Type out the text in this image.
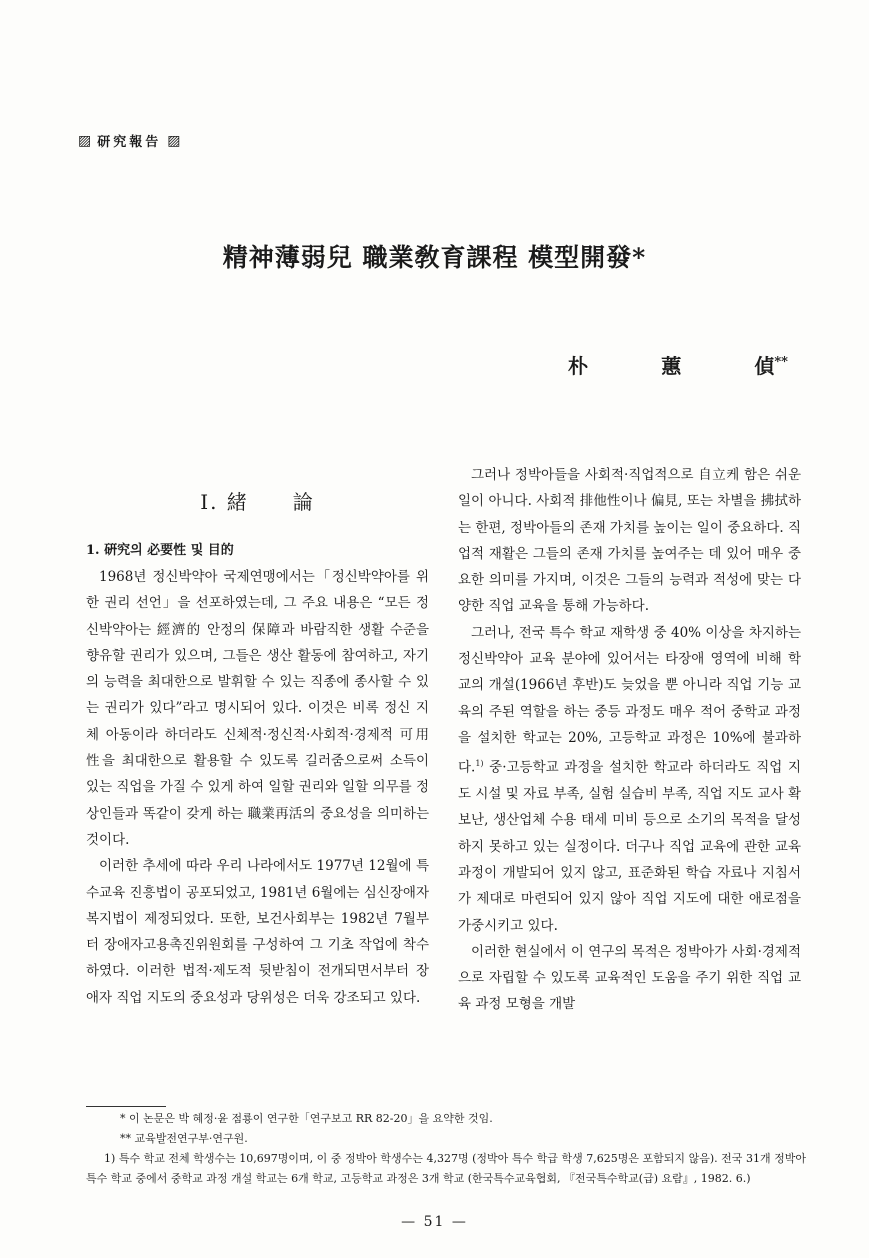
▨ 研究報告 ▨
精神薄弱兒 職業敎育課程 模型開發*
朴	蕙	偵**
I. 緒　　論
1. 硏究의 必要性 및 目的

1968년 정신박약아 국제연맹에서는「정신박약아를 위한 권리 선언」을 선포하였는데, 그 주요 내용은 “모든 정신박약아는 經濟的 안정의 保障과 바람직한 생활 수준을 향유할 권리가 있으며, 그들은 생산 활동에 참여하고, 자기의 능력을 최대한으로 발휘할 수 있는 직종에 종사할 수 있는 권리가 있다”라고 명시되어 있다. 이것은 비록 정신 지체 아동이라 하더라도 신체적·정신적·사회적·경제적 可用性을 최대한으로 활용할 수 있도록 길러줌으로써 소득이 있는 직업을 가질 수 있게 하여 일할 권리와 일할 의무를 정상인들과 똑같이 갖게 하는 職業再活의 중요성을 의미하는 것이다.

이러한 추세에 따라 우리 나라에서도 1977년 12월에 특수교육 진흥법이 공포되었고, 1981년 6월에는 심신장애자 복지법이 제정되었다. 또한, 보건사회부는 1982년 7월부터 장애자고용촉진위원회를 구성하여 그 기초 작업에 착수하였다. 이러한 법적·제도적 뒷받침이 전개되면서부터 장애자 직업 지도의 중요성과 당위성은 더욱 강조되고 있다.

그러나 정박아들을 사회적·직업적으로 自立케 함은 쉬운 일이 아니다. 사회적 排他性이나 偏見, 또는 차별을 拂拭하는 한편, 정박아들의 존재 가치를 높이는 일이 중요하다. 직업적 재활은 그들의 존재 가치를 높여주는 데 있어 매우 중요한 의미를 가지며, 이것은 그들의 능력과 적성에 맞는 다양한 직업 교육을 통해 가능하다.

그러나, 전국 특수 학교 재학생 중 40% 이상을 차지하는 정신박약아 교육 분야에 있어서는 타장애 영역에 비해 학교의 개설(1966년 후반)도 늦었을 뿐 아니라 직업 기능 교육의 주된 역할을 하는 중등 과정도 매우 적어 중학교 과정을 설치한 학교는 20%, 고등학교 과정은 10%에 불과하다.$^{1)}$ 중·고등학교 과정을 설치한 학교라 하더라도 직업 지도 시설 및 자료 부족, 실험 실습비 부족, 직업 지도 교사 확보난, 생산업체 수용 태세 미비 등으로 소기의 목적을 달성하지 못하고 있는 실정이다. 더구나 직업 교육에 관한 교육 과정이 개발되어 있지 않고, 표준화된 학습 자료나 지침서가 제대로 마련되어 있지 않아 직업 지도에 대한 애로점을 가중시키고 있다.

이러한 현실에서 이 연구의 목적은 정박아가 사회·경제적으로 자립할 수 있도록 교육적인 도움을 주기 위한 직업 교육 과정 모형을 개발

* 이 논문은 박 혜정·윤 점룡이 연구한「연구보고 RR 82-20」을 요약한 것임.

** 교육발전연구부·연구원.

1) 특수 학교 전체 학생수는 10,697명이며, 이 중 정박아 학생수는 4,327명 (정박아 특수 학급 학생 7,625명은 포함되지 않음). 전국 31개 정박아 특수 학교 중에서 중학교 과정 개설 학교는 6개 학교, 고등학교 과정은 3개 학교 (한국특수교육협회, 『전국특수학교(급) 요람』, 1982. 6.)

— 51 —
